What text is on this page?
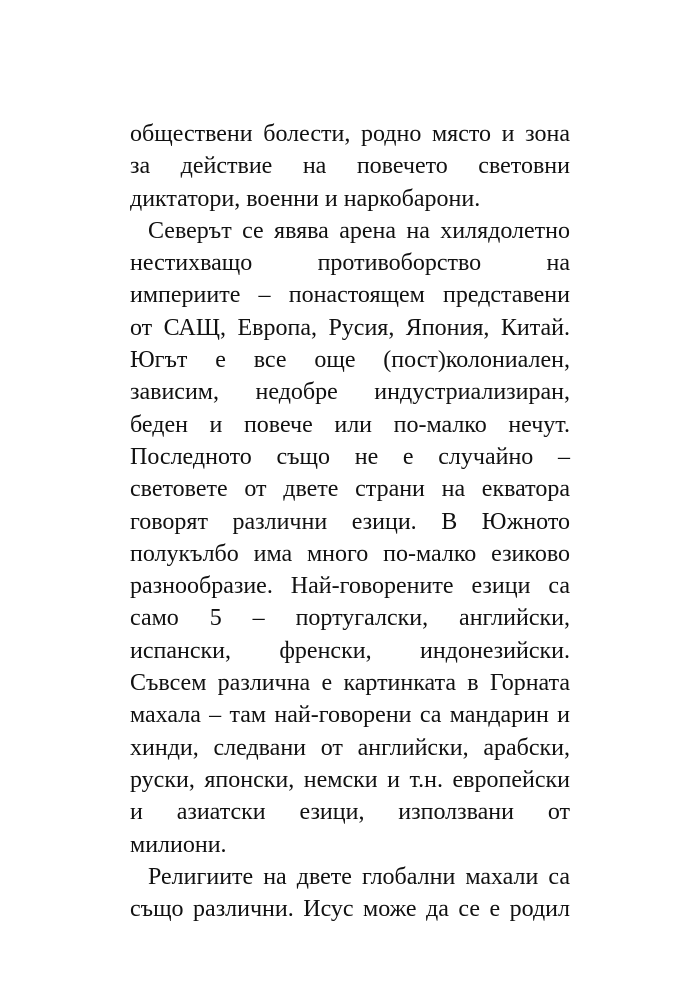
обществени болести, родно място и зона
за действие на повечето световни
диктатори, военни и наркобарони.
Северът се явява арена на хилядолетно
нестихващо противоборство на
империите – понастоящем представени
от САЩ, Европа, Русия, Япония, Китай.
Югът е все още (пост)колониален,
зависим, недобре индустриализиран,
беден и повече или по-малко нечут.
Последното също не е случайно –
световете от двете страни на екватора
говорят различни езици. В Южното
полукълбо има много по-малко езиково
разнообразие. Най-говорените езици са
само 5 – португалски, английски,
испански, френски, индонезийски.
Съвсем различна е картинката в Горната
махала – там най-говорени са мандарин и
хинди, следвани от английски, арабски,
руски, японски, немски и т.н. европейски
и азиатски езици, използвани от
милиони.
Религиите на двете глобални махали са
също различни. Исус може да се е родил
